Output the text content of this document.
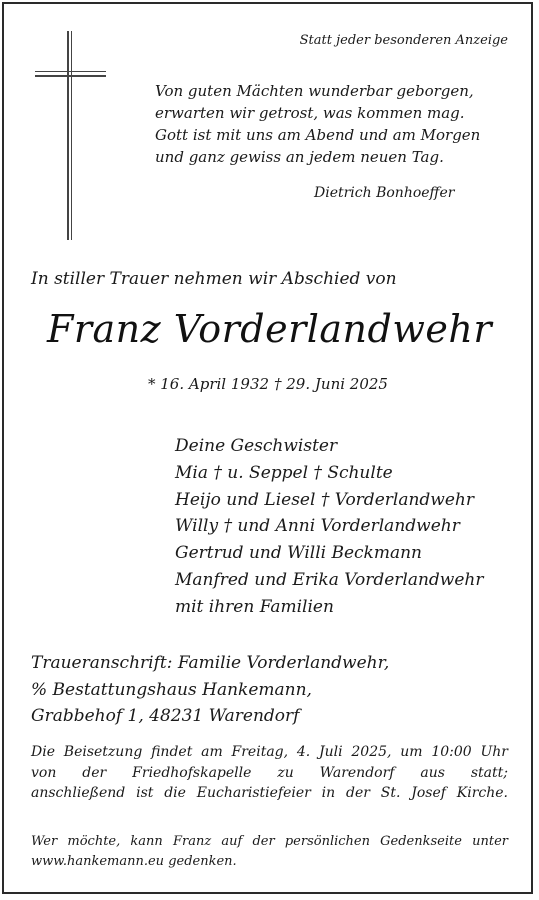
Statt jeder besonderen Anzeige
Von guten Mächten wunderbar geborgen,
erwarten wir getrost, was kommen mag.
Gott ist mit uns am Abend und am Morgen
und ganz gewiss an jedem neuen Tag.
Dietrich Bonhoeffer
In stiller Trauer nehmen wir Abschied von
Franz Vorderlandwehr
* 16. April 1932 † 29. Juni 2025
Deine Geschwister
Mia † u. Seppel † Schulte
Heijo und Liesel † Vorderlandwehr
Willy † und Anni Vorderlandwehr
Gertrud und Willi Beckmann
Manfred und Erika Vorderlandwehr
mit ihren Familien
Traueranschrift: Familie Vorderlandwehr,
% Bestattungshaus Hankemann,
Grabbehof 1, 48231 Warendorf
Die Beisetzung findet am Freitag, 4. Juli 2025, um 10:00 Uhr
von der Friedhofskapelle zu Warendorf aus statt;
anschließend ist die Eucharistiefeier in der St. Josef Kirche.
Wer möchte, kann Franz auf der persönlichen Gedenkseite unter
www.hankemann.eu gedenken.
